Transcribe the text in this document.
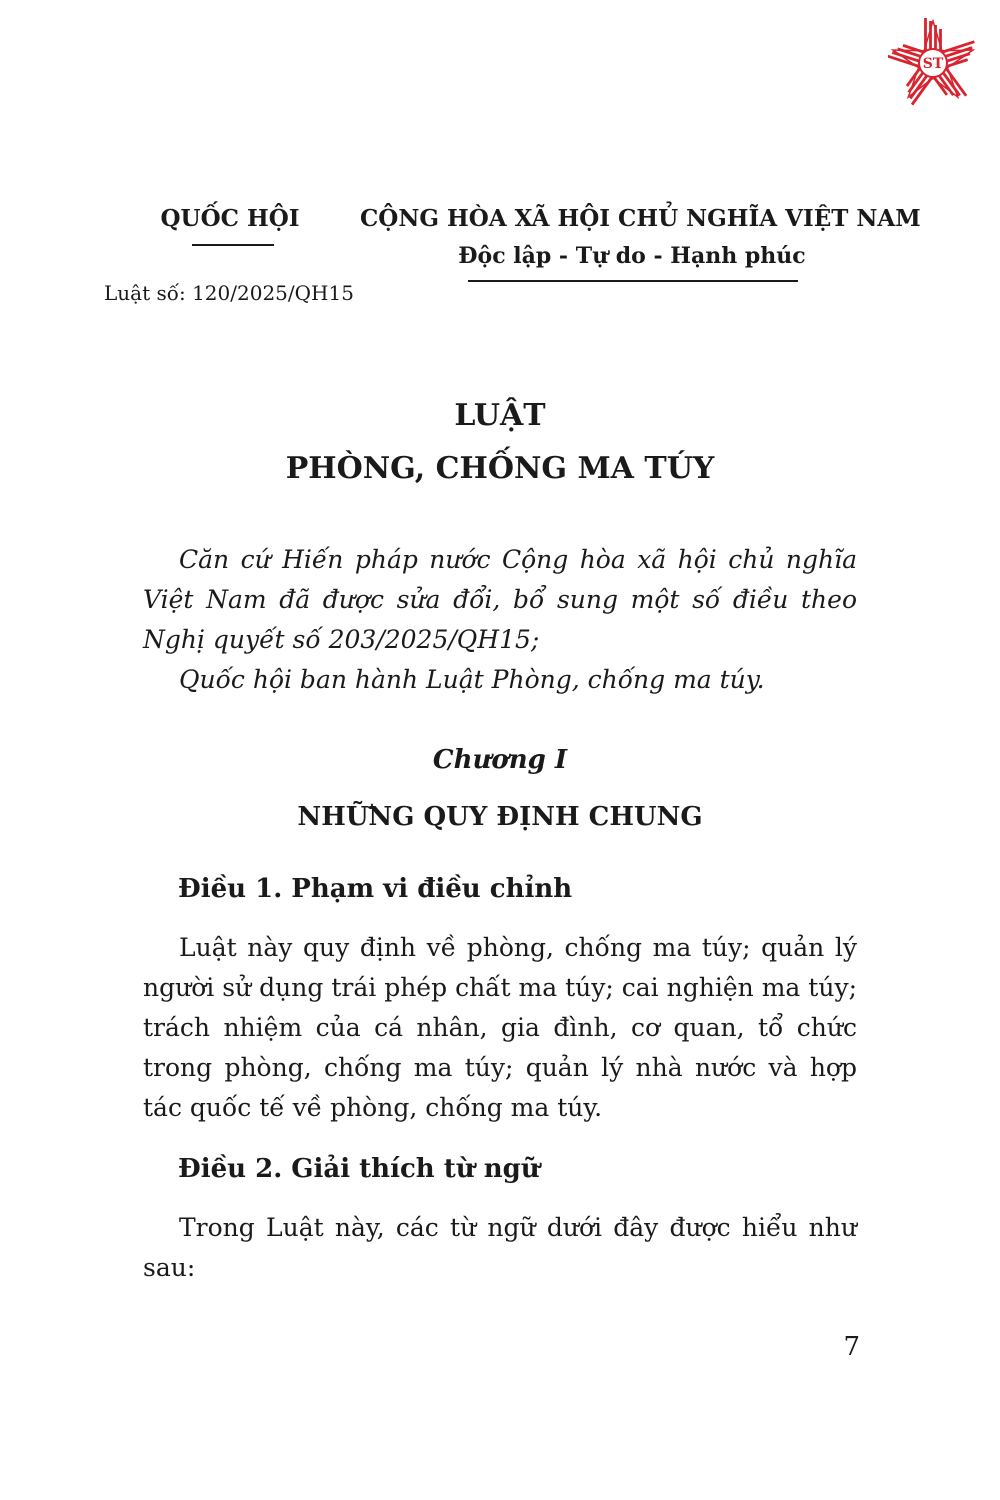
ST
QUỐC HỘI
Luật số: 120/2025/QH15
CỘNG HÒA XÃ HỘI CHỦ NGHĨA VIỆT NAM
Độc lập - Tự do - Hạnh phúc
LUẬT
PHÒNG, CHỐNG MA TÚY

Căn cứ Hiến pháp nước Cộng hòa xã hội chủ nghĩa Việt Nam đã được sửa đổi, bổ sung một số điều theo Nghị quyết số 203/2025/QH15;

Quốc hội ban hành Luật Phòng, chống ma túy.

Chương I
NHỮNG QUY ĐỊNH CHUNG
Điều 1. Phạm vi điều chỉnh

Luật này quy định về phòng, chống ma túy; quản lý người sử dụng trái phép chất ma túy; cai nghiện ma túy; trách nhiệm của cá nhân, gia đình, cơ quan, tổ chức trong phòng, chống ma túy; quản lý nhà nước và hợp tác quốc tế về phòng, chống ma túy.

Điều 2. Giải thích từ ngữ

Trong Luật này, các từ ngữ dưới đây được hiểu như sau:

7
